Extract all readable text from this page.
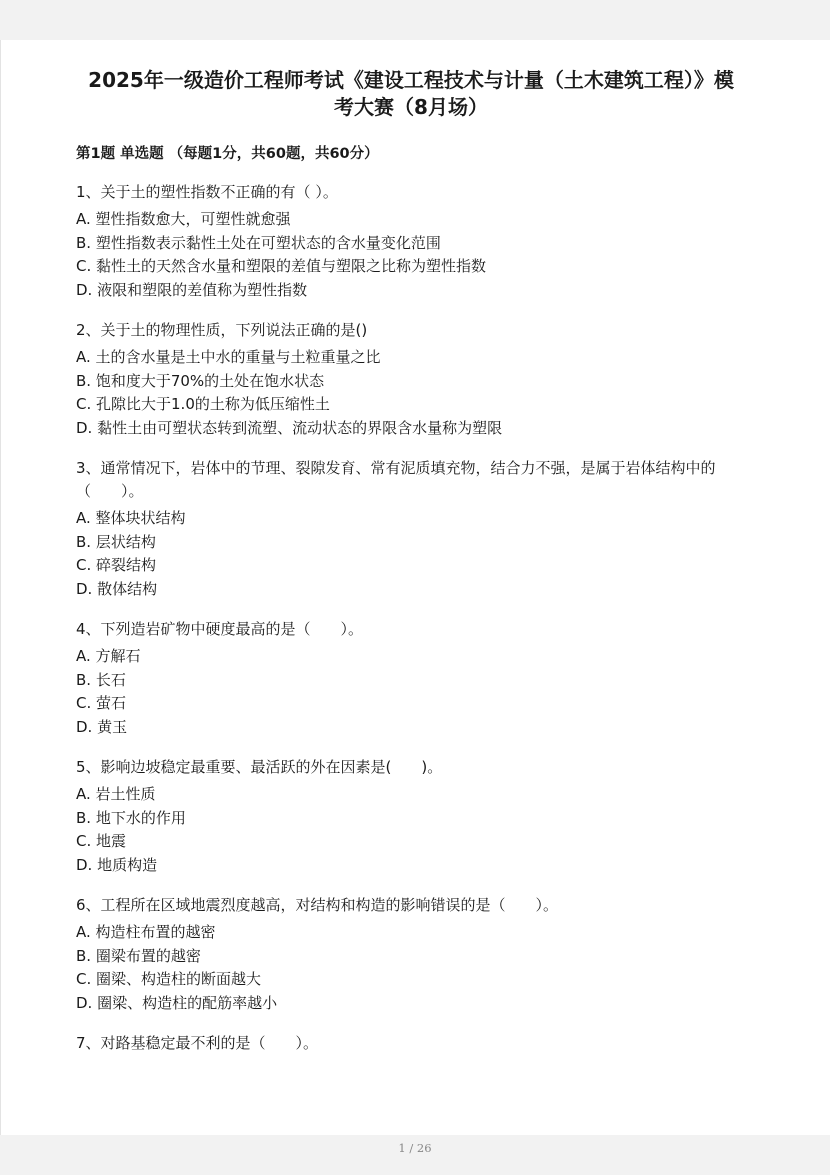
2025年一级造价工程师考试《建设工程技术与计量（土木建筑工程）》模考大赛（8月场）
第1题 单选题 （每题1分，共60题，共60分）
1、关于土的塑性指数不正确的有（ ）。
A. 塑性指数愈大，可塑性就愈强
B. 塑性指数表示黏性土处在可塑状态的含水量变化范围
C. 黏性土的天然含水量和塑限的差值与塑限之比称为塑性指数
D. 液限和塑限的差值称为塑性指数
2、关于土的物理性质，下列说法正确的是()
A. 土的含水量是土中水的重量与土粒重量之比
B. 饱和度大于70%的土处在饱水状态
C. 孔隙比大于1.0的土称为低压缩性土
D. 黏性土由可塑状态转到流塑、流动状态的界限含水量称为塑限
3、通常情况下，岩体中的节理、裂隙发育、常有泥质填充物，结合力不强，是属于岩体结构中的（　　）。
A. 整体块状结构
B. 层状结构
C. 碎裂结构
D. 散体结构
4、下列造岩矿物中硬度最高的是（　　）。
A. 方解石
B. 长石
C. 萤石
D. 黄玉
5、影响边坡稳定最重要、最活跃的外在因素是(　　)。
A. 岩土性质
B. 地下水的作用
C. 地震
D. 地质构造
6、工程所在区域地震烈度越高，对结构和构造的影响错误的是（　　）。
A. 构造柱布置的越密
B. 圈梁布置的越密
C. 圈梁、构造柱的断面越大
D. 圈梁、构造柱的配筋率越小
7、对路基稳定最不利的是（　　）。
1 / 26
